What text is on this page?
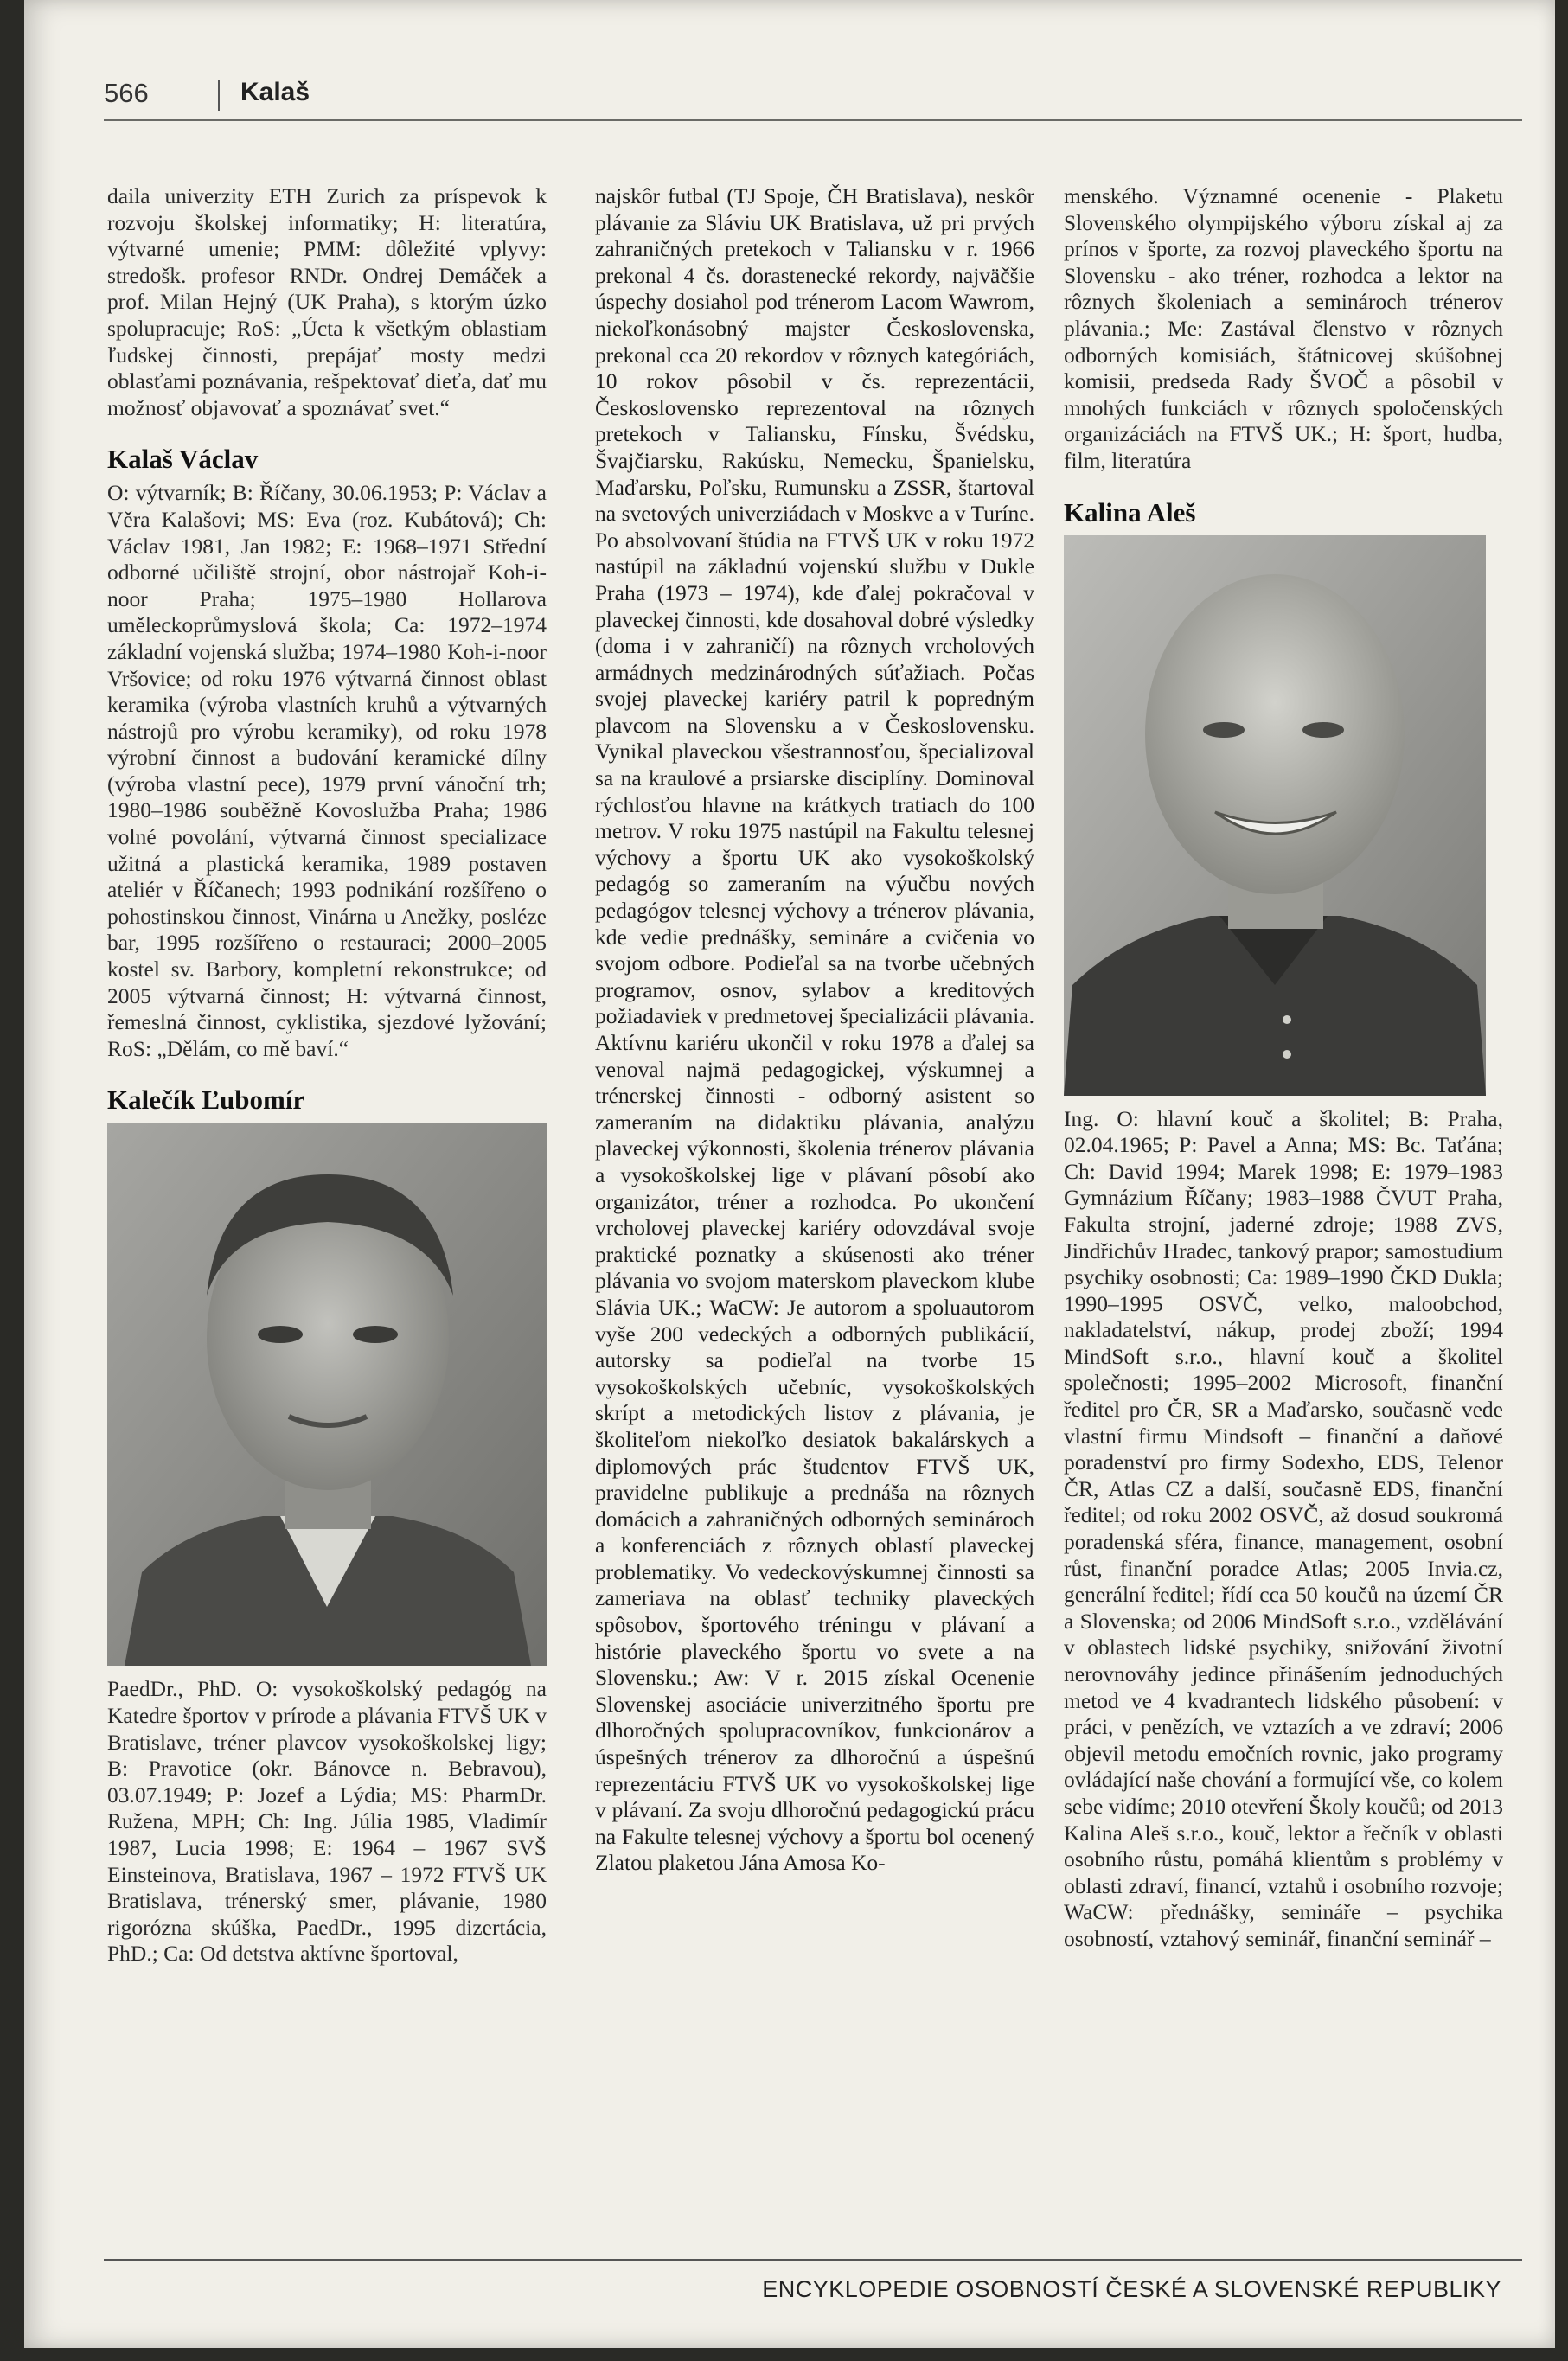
566	Kalaš

daila univerzity ETH Zurich za príspevok k rozvoju školskej informatiky; H: literatúra, výtvarné umenie; PMM: dôležité vplyvy: stredošk. profesor RNDr. Ondrej Demáček a prof. Milan Hejný (UK Praha), s ktorým úzko spolupracuje; RoS: „Úcta k všetkým oblastiam ľudskej činnosti, prepájať mosty medzi oblasťami poznávania, rešpektovať dieťa, dať mu možnosť objavovať a spoznávať svet.“

Kalaš Václav

O: výtvarník; B: Říčany, 30.06.1953; P: Václav a Věra Kalašovi; MS: Eva (roz. Kubátová); Ch: Václav 1981, Jan 1982; E: 1968–1971 Střední odborné učiliště strojní, obor nástrojař Koh-i-noor Praha; 1975–1980 Hollarova uměleckoprůmyslová škola; Ca: 1972–1974 základní vojenská služba; 1974–1980 Koh-i-noor Vršovice; od roku 1976 výtvarná činnost oblast keramika (výroba vlastních kruhů a výtvarných nástrojů pro výrobu keramiky), od roku 1978 výrobní činnost a budování keramické dílny (výroba vlastní pece), 1979 první vánoční trh; 1980–1986 souběžně Kovoslužba Praha; 1986 volné povolání, výtvarná činnost specializace užitná a plastická keramika, 1989 postaven ateliér v Říčanech; 1993 podnikání rozšířeno o pohostinskou činnost, Vinárna u Anežky, posléze bar, 1995 rozšířeno o restauraci; 2000–2005 kostel sv. Barbory, kompletní rekonstrukce; od 2005 výtvarná činnost; H: výtvarná činnost, řemeslná činnost, cyklistika, sjezdové lyžování; RoS: „Dělám, co mě baví.“

Kalečík Ľubomír

PaedDr., PhD. O: vysokoškolský pedagóg na Katedre športov v prírode a plávania FTVŠ UK v Bratislave, tréner plavcov vysokoškolskej ligy; B: Pravotice (okr. Bánovce n. Bebravou), 03.07.1949; P: Jozef a Lýdia; MS: PharmDr. Ružena, MPH; Ch: Ing. Júlia 1985, Vladimír 1987, Lucia 1998; E: 1964 – 1967 SVŠ Einsteinova, Bratislava, 1967 – 1972 FTVŠ UK Bratislava, trénerský smer, plávanie, 1980 rigorózna skúška, PaedDr., 1995 dizertácia, PhD.; Ca: Od detstva aktívne športoval,

najskôr futbal (TJ Spoje, ČH Bratislava), neskôr plávanie za Sláviu UK Bratislava, už pri prvých zahraničných pretekoch v Taliansku v r. 1966 prekonal 4 čs. dorastenecké rekordy, najväčšie úspechy dosiahol pod trénerom Lacom Wawrom, niekoľkonásobný majster Československa, prekonal cca 20 rekordov v rôznych kategóriách, 10 rokov pôsobil v čs. reprezentácii, Československo reprezentoval na rôznych pretekoch v Taliansku, Fínsku, Švédsku, Švajčiarsku, Rakúsku, Nemecku, Španielsku, Maďarsku, Poľsku, Rumunsku a ZSSR, štartoval na svetových univerziádach v Moskve a v Turíne. Po absolvovaní štúdia na FTVŠ UK v roku 1972 nastúpil na základnú vojenskú službu v Dukle Praha (1973 – 1974), kde ďalej pokračoval v plaveckej činnosti, kde dosahoval dobré výsledky (doma i v zahraničí) na rôznych vrcholových armádnych medzinárodných súťažiach. Počas svojej plaveckej kariéry patril k popredným plavcom na Slovensku a v Československu. Vynikal plaveckou všestrannosťou, špecializoval sa na kraulové a prsiarske disciplíny. Dominoval rýchlosťou hlavne na krátkych tratiach do 100 metrov. V roku 1975 nastúpil na Fakultu telesnej výchovy a športu UK ako vysokoškolský pedagóg so zameraním na výučbu nových pedagógov telesnej výchovy a trénerov plávania, kde vedie prednášky, semináre a cvičenia vo svojom odbore. Podieľal sa na tvorbe učebných programov, osnov, sylabov a kreditových požiadaviek v predmetovej špecializácii plávania. Aktívnu kariéru ukončil v roku 1978 a ďalej sa venoval najmä pedagogickej, výskumnej a trénerskej činnosti - odborný asistent so zameraním na didaktiku plávania, analýzu plaveckej výkonnosti, školenia trénerov plávania a vysokoškolskej lige v plávaní pôsobí ako organizátor, tréner a rozhodca. Po ukončení vrcholovej plaveckej kariéry odovzdával svoje praktické poznatky a skúsenosti ako tréner plávania vo svojom materskom plaveckom klube Slávia UK.; WaCW: Je autorom a spoluautorom vyše 200 vedeckých a odborných publikácií, autorsky sa podieľal na tvorbe 15 vysokoškolských učebníc, vysokoškolských skrípt a metodických listov z plávania, je školiteľom niekoľko desiatok bakalárskych a diplomových prác študentov FTVŠ UK, pravidelne publikuje a prednáša na rôznych domácich a zahraničných odborných seminároch a konferenciách z rôznych oblastí plaveckej problematiky. Vo vedeckovýskumnej činnosti sa zameriava na oblasť techniky plaveckých spôsobov, športového tréningu v plávaní a histórie plaveckého športu vo svete a na Slovensku.; Aw: V r. 2015 získal Ocenenie Slovenskej asociácie univerzitného športu pre dlhoročných spolupracovníkov, funkcionárov a úspešných trénerov za dlhoročnú a úspešnú reprezentáciu FTVŠ UK vo vysokoškolskej lige v plávaní. Za svoju dlhoročnú pedagogickú prácu na Fakulte telesnej výchovy a športu bol ocenený Zlatou plaketou Jána Amosa Ko-

menského. Významné ocenenie - Plaketu Slovenského olympijského výboru získal aj za prínos v športe, za rozvoj plaveckého športu na Slovensku - ako tréner, rozhodca a lektor na rôznych školeniach a seminároch trénerov plávania.; Me: Zastával členstvo v rôznych odborných komisiách, štátnicovej skúšobnej komisii, predseda Rady ŠVOČ a pôsobil v mnohých funkciách v rôznych spoločenských organizáciách na FTVŠ UK.; H: šport, hudba, film, literatúra

Kalina Aleš

Ing. O: hlavní kouč a školitel; B: Praha, 02.04.1965; P: Pavel a Anna; MS: Bc. Taťána; Ch: David 1994; Marek 1998; E: 1979–1983 Gymnázium Říčany; 1983–1988 ČVUT Praha, Fakulta strojní, jaderné zdroje; 1988 ZVS, Jindřichův Hradec, tankový prapor; samostudium psychiky osobnosti; Ca: 1989–1990 ČKD Dukla; 1990–1995 OSVČ, velko, maloobchod, nakladatelství, nákup, prodej zboží; 1994 MindSoft s.r.o., hlavní kouč a školitel společnosti; 1995–2002 Microsoft, finanční ředitel pro ČR, SR a Maďarsko, současně vede vlastní firmu Mindsoft – finanční a daňové poradenství pro firmy Sodexho, EDS, Telenor ČR, Atlas CZ a další, současně EDS, finanční ředitel; od roku 2002 OSVČ, až dosud soukromá poradenská sféra, finance, management, osobní růst, finanční poradce Atlas; 2005 Invia.cz, generální ředitel; řídí cca 50 koučů na území ČR a Slovenska; od 2006 MindSoft s.r.o., vzdělávání v oblastech lidské psychiky, snižování životní nerovnováhy jedince přinášením jednoduchých metod ve 4 kvadrantech lidského působení: v práci, v penězích, ve vztazích a ve zdraví; 2006 objevil metodu emočních rovnic, jako programy ovládající naše chování a formující vše, co kolem sebe vidíme; 2010 otevření Školy koučů; od 2013 Kalina Aleš s.r.o., kouč, lektor a řečník v oblasti osobního růstu, pomáhá klientům s problémy v oblasti zdraví, financí, vztahů i osobního rozvoje; WaCW: přednášky, semináře – psychika osobností, vztahový seminář, finanční seminář –

ENCYKLOPEDIE OSOBNOSTÍ ČESKÉ A SLOVENSKÉ REPUBLIKY
